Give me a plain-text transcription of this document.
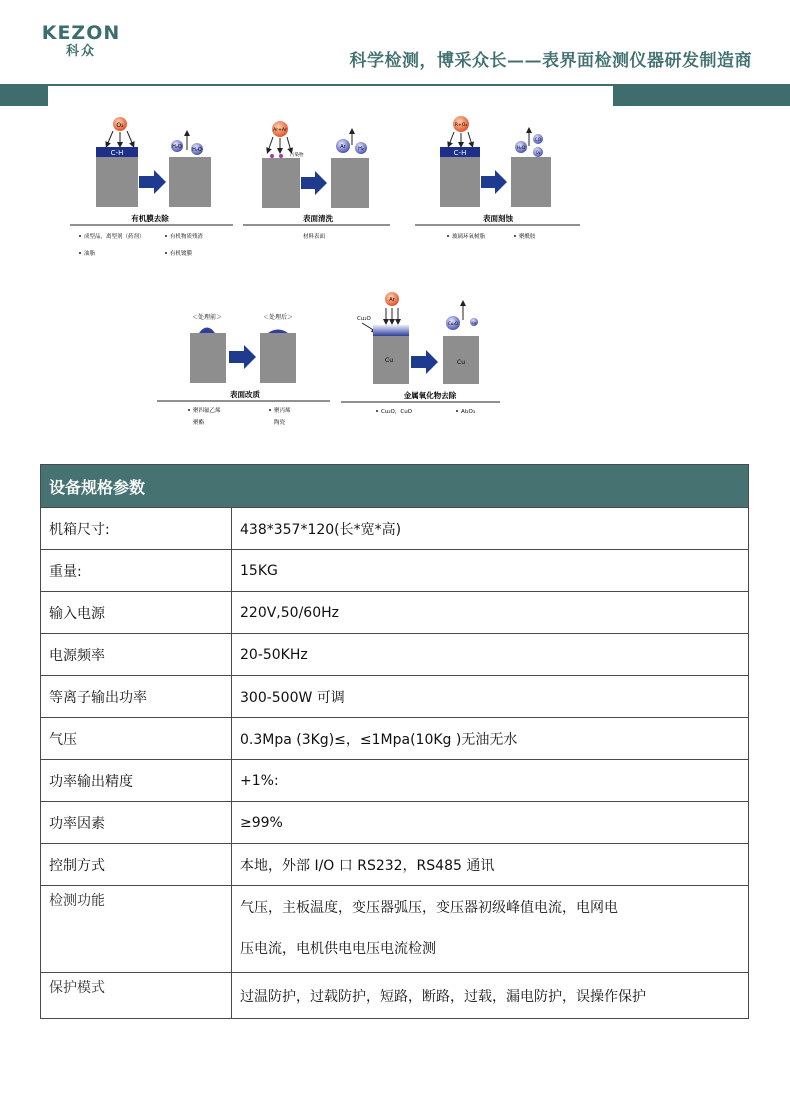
KEZON
科众	科学检测，博采众长——表界面检测仪器研发制造商
O₂
C-H
H₂O H₂O
有机膜去除
成型品，离型剂（药剂）	有机物质残渣
油脂	有机镀膜
Ar+Ar
污染物
Ar H₂
表面清洗
材料表面
R+O₂
C-H
H₂O
CO
O₂
表面刻蚀
玻璃环氧树脂	聚酰胺
＜处理前＞	＜处理后＞
表面改质
聚四氟乙烯	聚丙烯
聚酯	陶瓷
Ar
Cu₂O
Cu	Cu
Cu₂O	Cu
金属氧化物去除
Cu₂O，CuO	Al₂O₃
设备规格参数	
机箱尺寸:	438*357*120(长*宽*高)
重量:	15KG
输入电源	220V,50/60Hz
电源频率	20-50KHz
等离子输出功率	300-500W 可调
气压	0.3Mpa (3Kg)≤，≤1Mpa(10Kg )无油无水
功率输出精度	+1%:
功率因素	≥99%
控制方式	本地，外部 I/O 口 RS232，RS485 通讯
检测功能	气压，主板温度，变压器弧压，变压器初级峰值电流，电网电
压电流，电机供电电压电流检测

保护模式	过温防护，过载防护，短路，断路，过载，漏电防护，误操作保护
